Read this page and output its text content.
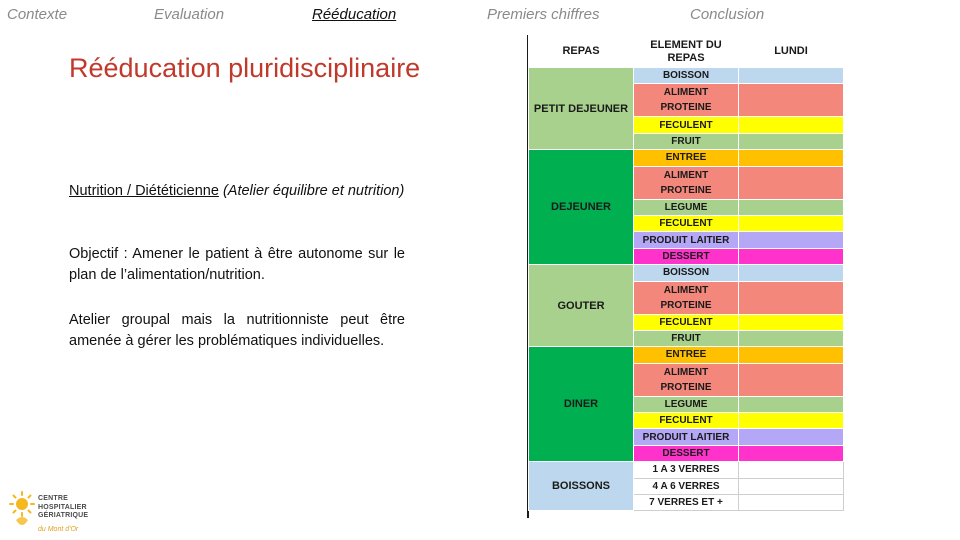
Contexte	Evaluation	Rééducation	Premiers chiffres	Conclusion
Rééducation pluridisciplinaire
Nutrition / Diététicienne (Atelier équilibre et nutrition)
Objectif : Amener le patient à être autonome sur le plan de l’alimentation/nutrition.
Atelier groupal mais la nutritionniste peut être amenée à gérer les problématiques individuelles.
CENTRE
HOSPITALIER
GÉRIATRIQUE
du Mont d'Or
REPAS	ELEMENT DU REPAS	LUNDI
PETIT DEJEUNER	BOISSON	
	ALIMENT PROTEINE	
	FECULENT	
	FRUIT	
DEJEUNER	ENTREE	
	ALIMENT PROTEINE	
	LEGUME	
	FECULENT	
	PRODUIT LAITIER	
	DESSERT	
GOUTER	BOISSON	
	ALIMENT PROTEINE	
	FECULENT	
	FRUIT	
DINER	ENTREE	
	ALIMENT PROTEINE	
	LEGUME	
	FECULENT	
	PRODUIT LAITIER	
	DESSERT	
BOISSONS	1 A 3 VERRES	
	4 A 6 VERRES	
	7 VERRES ET +	
